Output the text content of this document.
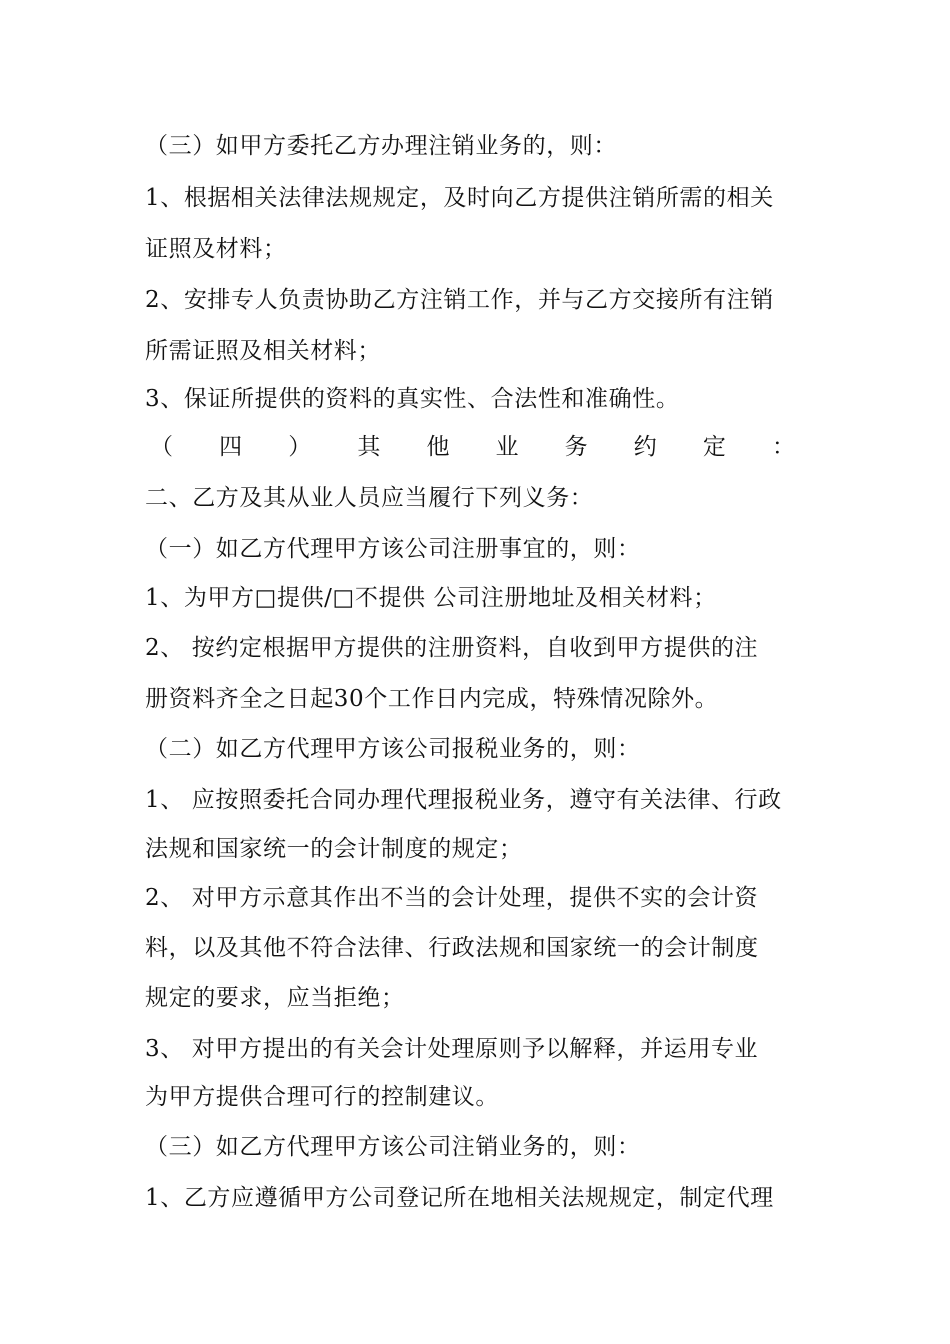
（三）如甲方委托乙方办理注销业务的，则：
1、根据相关法律法规规定，及时向乙方提供注销所需的相关
证照及材料；
2、安排专人负责协助乙方注销工作，并与乙方交接所有注销
所需证照及相关材料；
3、保证所提供的资料的真实性、合法性和准确性。
（ 四 ） 其 他 业 务 约 定 ：
二、乙方及其从业人员应当履行下列义务：
（一）如乙方代理甲方该公司注册事宜的，则：
1、为甲方□提供/□不提供 公司注册地址及相关材料；
2、 按约定根据甲方提供的注册资料，自收到甲方提供的注
册资料齐全之日起30个工作日内完成，特殊情况除外。
（二）如乙方代理甲方该公司报税业务的，则：
1、 应按照委托合同办理代理报税业务，遵守有关法律、行政
法规和国家统一的会计制度的规定；
2、 对甲方示意其作出不当的会计处理，提供不实的会计资
料，以及其他不符合法律、行政法规和国家统一的会计制度
规定的要求，应当拒绝；
3、 对甲方提出的有关会计处理原则予以解释，并运用专业
为甲方提供合理可行的控制建议。
（三）如乙方代理甲方该公司注销业务的，则：
1、乙方应遵循甲方公司登记所在地相关法规规定，制定代理
